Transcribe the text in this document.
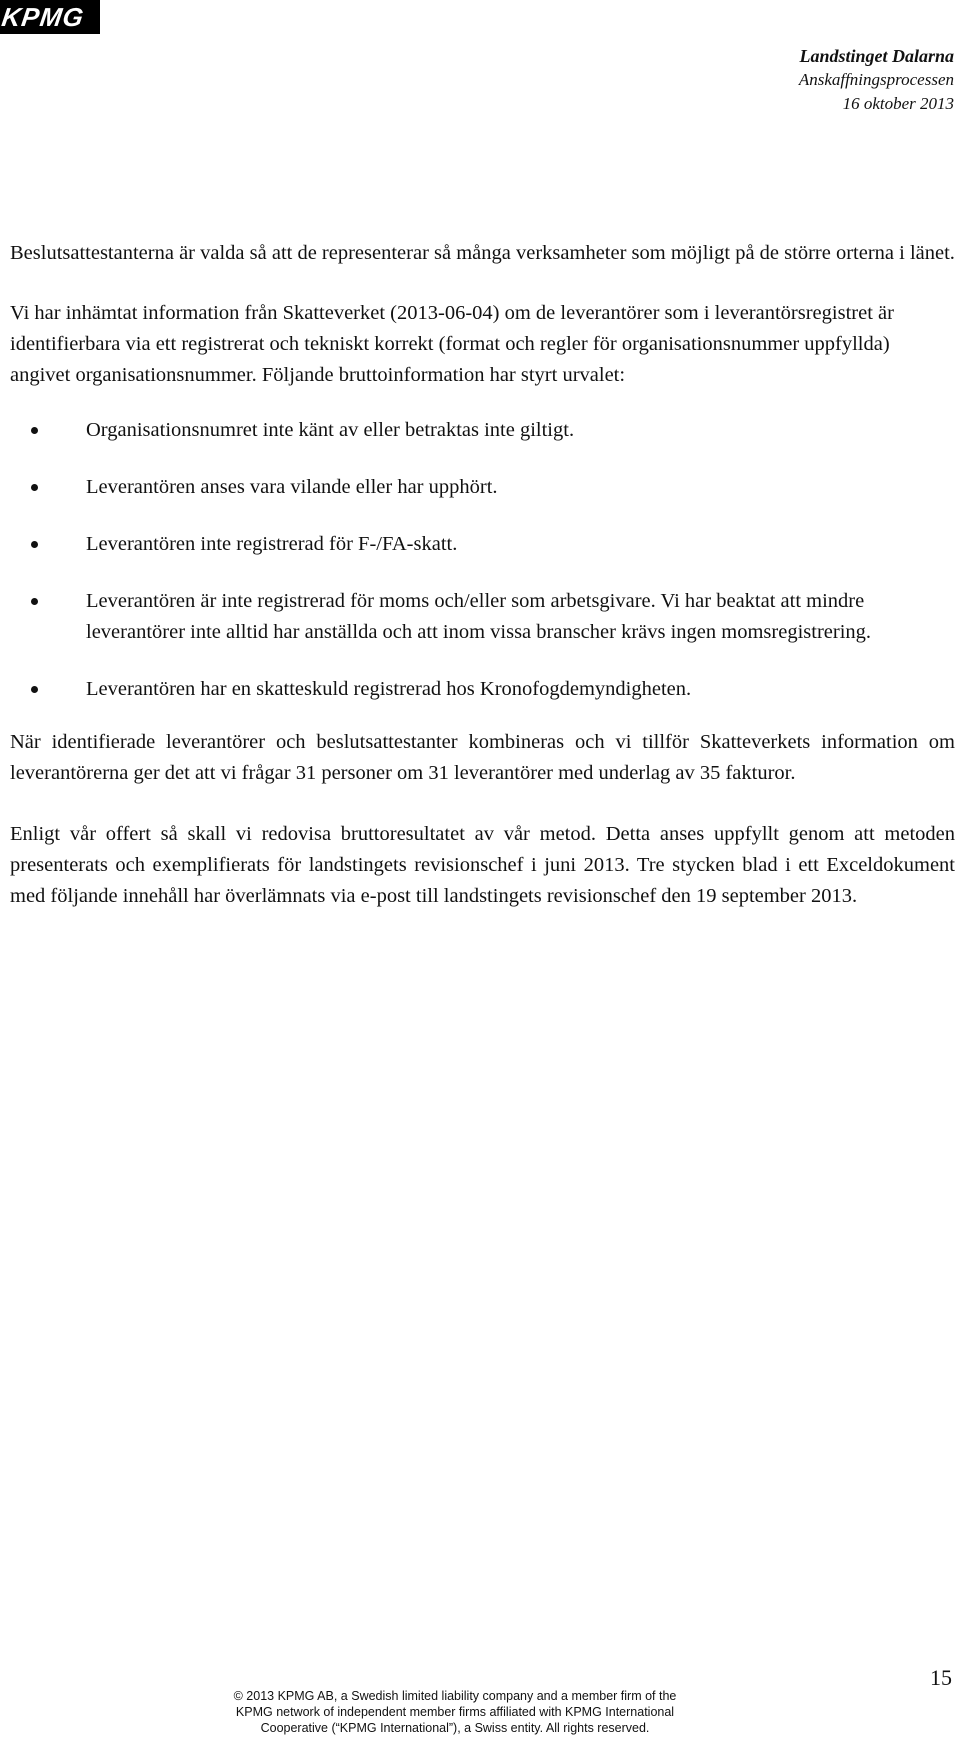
KPMG
Landstinget Dalarna
Anskaffningsprocessen
16 oktober 2013

Beslutsattestanterna är valda så att de representerar så många verksamheter som möjligt på de större orterna i länet.

Vi har inhämtat information från Skatteverket (2013-06-04) om de leverantörer som i leverantörsregistret är identifierbara via ett registrerat och tekniskt korrekt (format och regler för organisationsnummer uppfyllda) angivet organisationsnummer. Följande bruttoinformation har styrt urvalet:

Organisationsnumret inte känt av eller betraktas inte giltigt.
Leverantören anses vara vilande eller har upphört.
Leverantören inte registrerad för F-/FA-skatt.
Leverantören är inte registrerad för moms och/eller som arbetsgivare. Vi har beaktat att mindre leverantörer inte alltid har anställda och att inom vissa branscher krävs ingen momsregistrering.
Leverantören har en skatteskuld registrerad hos Kronofogdemyndigheten.

När identifierade leverantörer och beslutsattestanter kombineras och vi tillför Skatteverkets information om leverantörerna ger det att vi frågar 31 personer om 31 leverantörer med underlag av 35 fakturor.

Enligt vår offert så skall vi redovisa bruttoresultatet av vår metod. Detta anses uppfyllt genom att metoden presenterats och exemplifierats för landstingets revisionschef i juni 2013. Tre stycken blad i ett Exceldokument med följande innehåll har överlämnats via e-post till landstingets revisionschef den 19 september 2013.

15
© 2013 KPMG AB, a Swedish limited liability company and a member firm of the
KPMG network of independent member firms affiliated with KPMG International
Cooperative (“KPMG International”), a Swiss entity. All rights reserved.
